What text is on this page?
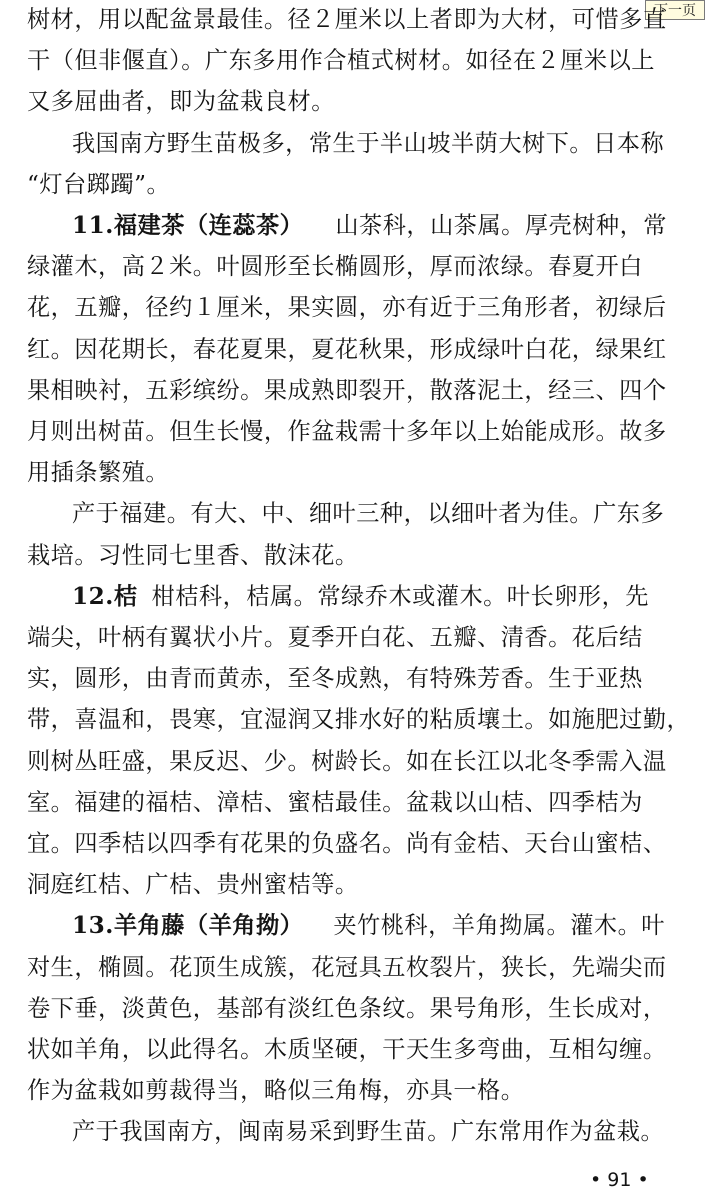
下一页
树材，用以配盆景最佳。径２厘米以上者即为大材，可惜多直
干（但非偃直）。广东多用作合植式树材。如径在２厘米以上
又多屈曲者，即为盆栽良材。
我国南方野生苗极多，常生于半山坡半荫大树下。日本称
“灯台踯躅”。
11.福建茶（连蕊茶） 山茶科，山茶属。厚壳树种，常
绿灌木，高２米。叶圆形至长椭圆形，厚而浓绿。春夏开白
花，五瓣，径约１厘米，果实圆，亦有近于三角形者，初绿后
红。因花期长，春花夏果，夏花秋果，形成绿叶白花，绿果红
果相映衬，五彩缤纷。果成熟即裂开，散落泥土，经三、四个
月则出树苗。但生长慢，作盆栽需十多年以上始能成形。故多
用插条繁殖。
产于福建。有大、中、细叶三种，以细叶者为佳。广东多
栽培。习性同七里香、散沫花。
12.桔 柑桔科，桔属。常绿乔木或灌木。叶长卵形，先
端尖，叶柄有翼状小片。夏季开白花、五瓣、清香。花后结
实，圆形，由青而黄赤，至冬成熟，有特殊芳香。生于亚热
带，喜温和，畏寒，宜湿润又排水好的粘质壤土。如施肥过勤，
则树丛旺盛，果反迟、少。树龄长。如在长江以北冬季需入温
室。福建的福桔、漳桔、蜜桔最佳。盆栽以山桔、四季桔为
宜。四季桔以四季有花果的负盛名。尚有金桔、天台山蜜桔、
洞庭红桔、广桔、贵州蜜桔等。
13.羊角藤（羊角拗） 夹竹桃科，羊角拗属。灌木。叶
对生，椭圆。花顶生成簇，花冠具五枚裂片，狭长，先端尖而
卷下垂，淡黄色，基部有淡红色条纹。果号角形，生长成对，
状如羊角，以此得名。木质坚硬，干天生多弯曲，互相勾缠。
作为盆栽如剪裁得当，略似三角梅，亦具一格。
产于我国南方，闽南易采到野生苗。广东常用作为盆栽。
• 91 •
